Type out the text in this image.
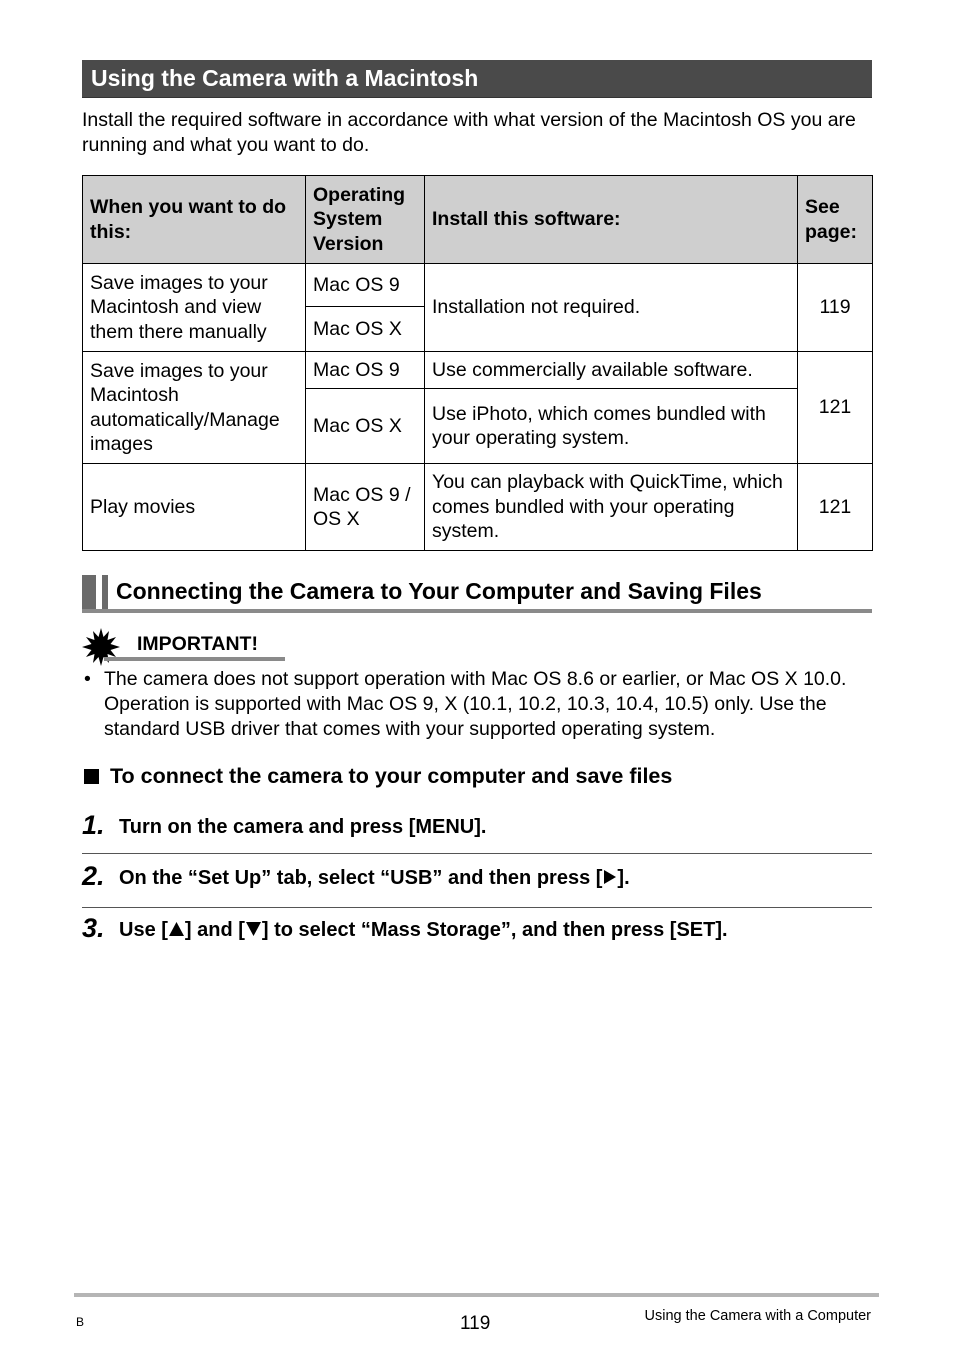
Using the Camera with a Macintosh
Install the required software in accordance with what version of the Macintosh OS you are running and what you want to do.
When you want to do this:	Operating System Version	Install this software:	See page:
Save images to your Macintosh and view them there manually	Mac OS 9	Installation not required.	119
	Mac OS X		
Save images to your Macintosh automatically/Manage images	Mac OS 9	Use commercially available software.	121
	Mac OS X	Use iPhoto, which comes bundled with your operating system.	
Play movies	Mac OS 9 / OS X	You can playback with QuickTime, which comes bundled with your operating system.	121
Connecting the Camera to Your Computer and Saving Files
IMPORTANT!
• The camera does not support operation with Mac OS 8.6 or earlier, or Mac OS X 10.0. Operation is supported with Mac OS 9, X (10.1, 10.2, 10.3, 10.4, 10.5) only. Use the standard USB driver that comes with your supported operating system.
To connect the camera to your computer and save files
1. Turn on the camera and press [MENU].
2. On the “Set Up” tab, select “USB” and then press [ ].
3. Use [ ] and [ ] to select “Mass Storage”, and then press [SET].
B	119	Using the Camera with a Computer
